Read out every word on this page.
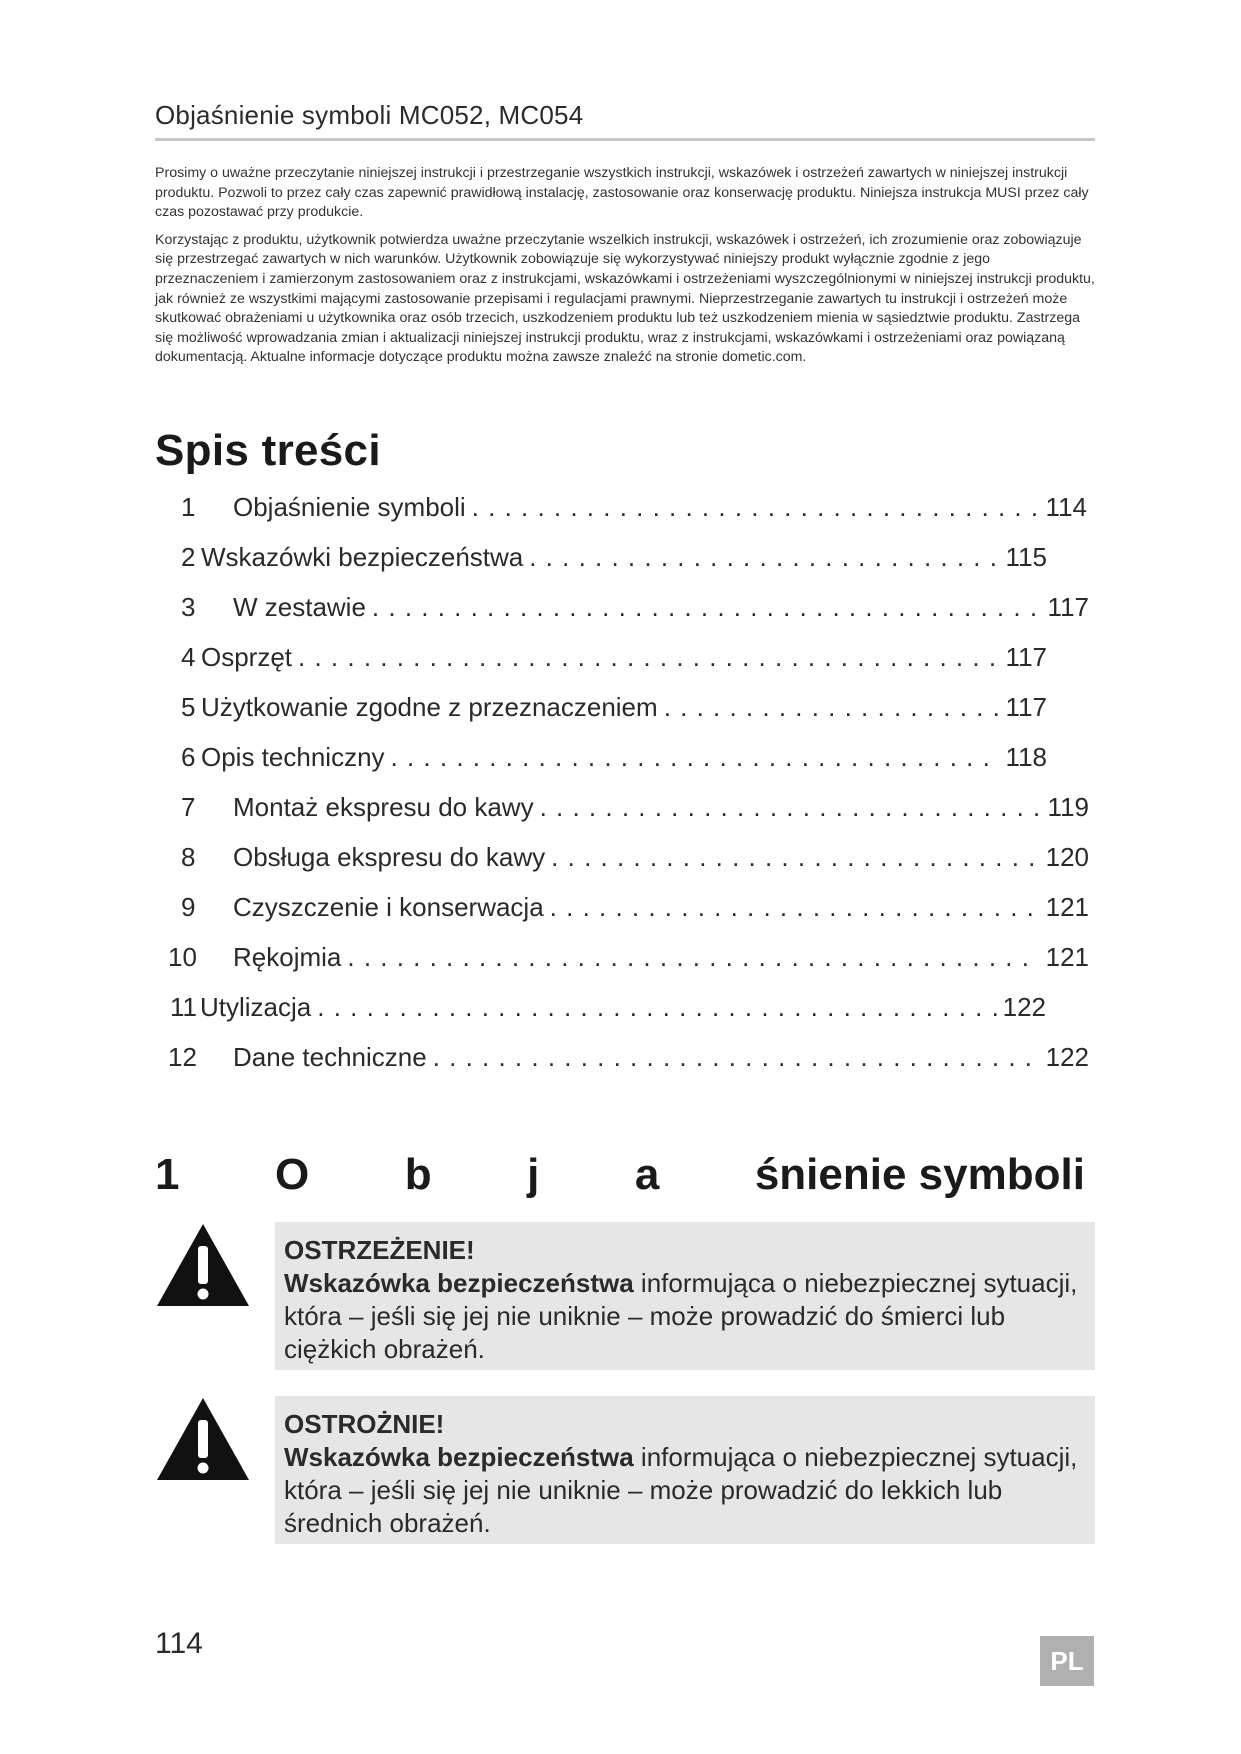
Objaśnienie symboli MC052, MC054

Prosimy o uważne przeczytanie niniejszej instrukcji i przestrzeganie wszystkich instrukcji, wskazówek i ostrzeżeń zawartych w niniejszej instrukcji produktu. Pozwoli to przez cały czas zapewnić prawidłową instalację, zastosowanie oraz konserwację produktu. Niniejsza instrukcja MUSI przez cały czas pozostawać przy produkcie.

Korzystając z produktu, użytkownik potwierdza uważne przeczytanie wszelkich instrukcji, wskazówek i ostrzeżeń, ich zrozumienie oraz zobowiązuje się przestrzegać zawartych w nich warunków. Użytkownik zobowiązuje się wykorzystywać niniejszy produkt wyłącznie zgodnie z jego przeznaczeniem i zamierzonym zastosowaniem oraz z instrukcjami, wskazówkami i ostrzeżeniami wyszczególnionymi w niniejszej instrukcji produktu, jak również ze wszystkimi mającymi zastosowanie przepisami i regulacjami prawnymi. Nieprzestrzeganie zawartych tu instrukcji i ostrzeżeń może skutkować obrażeniami u użytkownika oraz osób trzecich, uszkodzeniem produktu lub też uszkodzeniem mienia w sąsiedztwie produktu. Zastrzega się możliwość wprowadzania zmian i aktualizacji niniejszej instrukcji produktu, wraz z instrukcjami, wskazówkami i ostrzeżeniami oraz powiązaną dokumentacją. Aktualne informacje dotyczące produktu można zawsze znaleźć na stronie dometic.com.

Spis treści
1	Objaśnienie symboli . . .	114
2 Wskazówki bezpieczeństwa . . .	115
3	W zestawie . . .	117
4 Osprzęt . . .	117
5 Użytkowanie zgodne z przeznaczeniem . . .	117
6 Opis techniczny . . .	118
7	Montaż ekspresu do kawy . . .	119
8	Obsługa ekspresu do kawy . . .	120
9	Czyszczenie i konserwacja . . .	121
10	Rękojmia . . .	121
11 Utylizacja . . .	122
12	Dane techniczne . . .	122
1 O b j a śnienie symboli
OSTRZEŻENIE!
Wskazówka bezpieczeństwa informująca o niebezpiecznej sytuacji, która – jeśli się jej nie uniknie – może prowadzić do śmierci lub ciężkich obrażeń.
OSTROŻNIE!
Wskazówka bezpieczeństwa informująca o niebezpiecznej sytuacji, która – jeśli się jej nie uniknie – może prowadzić do lekkich lub średnich obrażeń.
114
PL
